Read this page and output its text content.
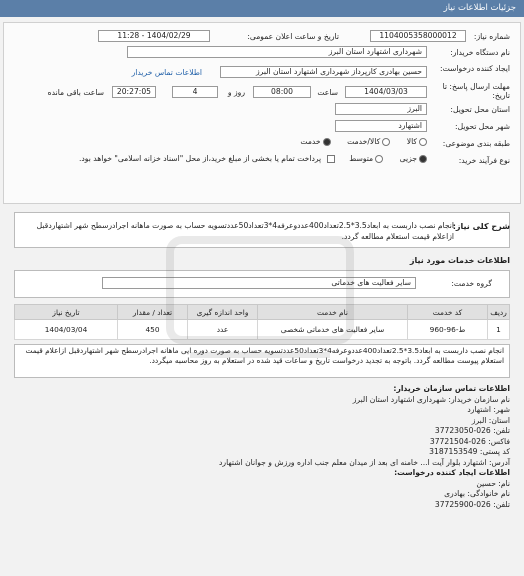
جزئیات اطلاعات نیاز
شماره نیاز:
1104005358000012
تاریخ و ساعت اعلان عمومی:
1404/02/29 - 11:28
نام دستگاه خریدار:
شهرداری اشتهارد استان البرز
ایجاد کننده درخواست:
حسین بهادری کارپرداز شهرداری اشتهارد استان البرز
اطلاعات تماس خریدار
مهلت ارسال پاسخ: تا تاریخ:
1404/03/03
ساعت
08:00
روز و
4
20:27:05
ساعت باقی مانده
استان محل تحویل:
البرز
شهر محل تحویل:
اشتهارد
طبقه بندی موضوعی:
کالا کالا/خدمت خدمت
نوع فرآیند خرید:
جزیی متوسط  پرداخت تمام یا بخشی از مبلغ خرید،از محل "اسناد خزانه اسلامی" خواهد بود.
شرح کلی نیاز:
انجام نصب داربست به ابعاد3.5*2.5تعداد400عددوعرفه4*3تعداد50عددتسویه حساب به صورت ماهانه اجرادرسطح شهر اشتهاردقبل ازاعلام قیمت استعلام مطالعه گردد.
اطلاعات خدمات مورد نیاز
گروه خدمت:
سایر فعالیت های خدماتی
ردیف	کد خدمت	نام خدمت	واحد اندازه گیری	تعداد / مقدار	تاریخ نیاز
1	ط-96-960	سایر فعالیت های خدماتی شخصی	عدد	450	1404/03/04
انجام نصب داربست به ابعاد3.5*2.5تعداد400عددوعرفه4*3تعداد50عددتسویه حساب به صورت دوره ایی ماهانه اجرادرسطح شهر اشتهاردقبل ازاعلام قیمت استعلام پیوست مطالعه گردد. باتوجه به تجدید درخواست تاریخ و ساعات قید شده در استعلام به روز محاسبه میگردد.
اطلاعات تماس سازمان خریدار:
نام سازمان خریدار: شهرداری اشتهارد استان البرز
شهر: اشتهارد
استان: البرز
تلفن: 026-37723050
فاکس: 026-37721504
کد پستی: 3187153549
آدرس: اشتهارد بلوار آیت ا... خامنه ای بعد از میدان معلم جنب اداره ورزش و جوانان اشتهارد
اطلاعات ایجاد کننده درخواست:
نام: حسین
نام خانوادگی: بهادری
تلفن: 026-37725900
